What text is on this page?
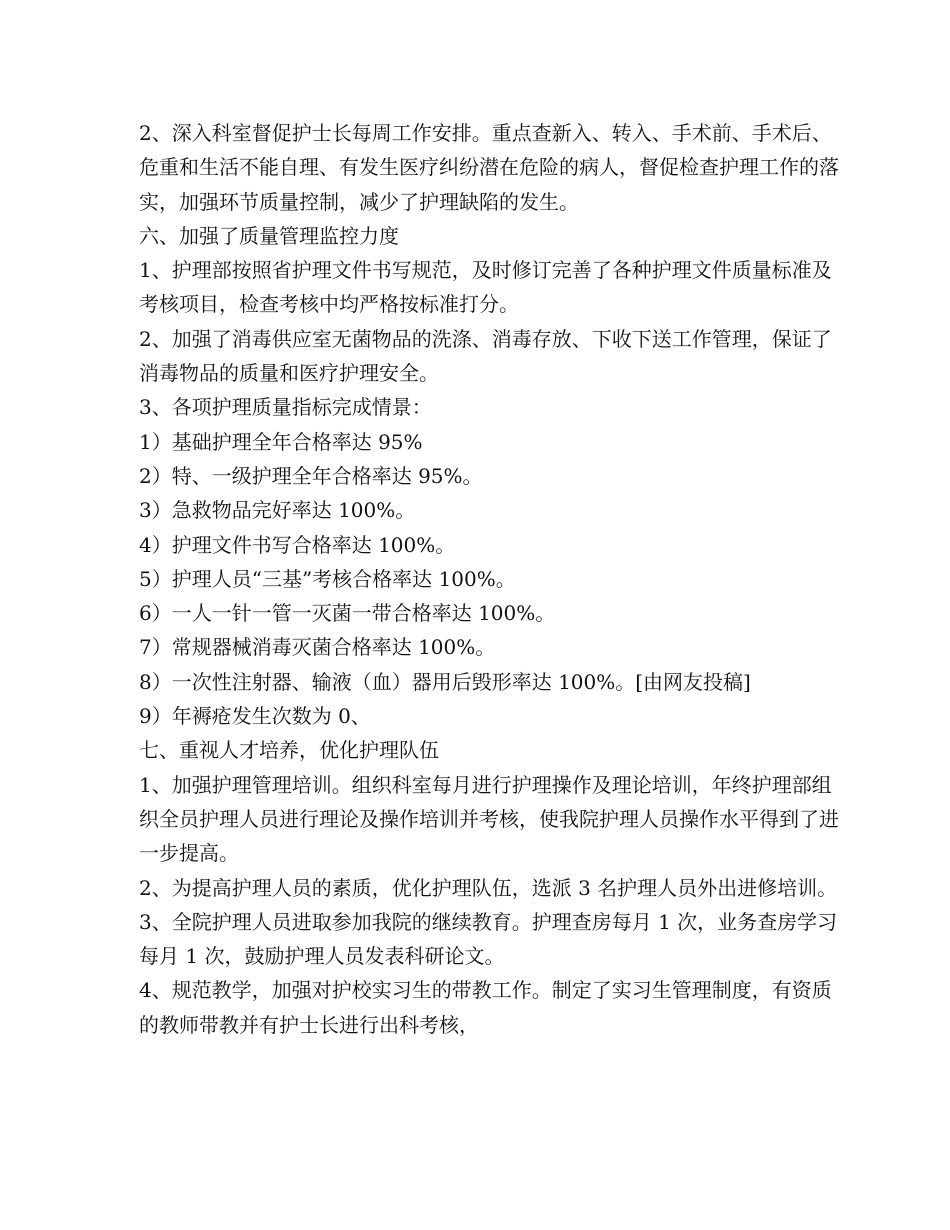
2、深入科室督促护士长每周工作安排。重点查新入、转入、手术前、手术后、危重和生活不能自理、有发生医疗纠纷潜在危险的病人，督促检查护理工作的落实，加强环节质量控制，减少了护理缺陷的发生。

六、加强了质量管理监控力度

1、护理部按照省护理文件书写规范，及时修订完善了各种护理文件质量标准及考核项目，检查考核中均严格按标准打分。

2、加强了消毒供应室无菌物品的洗涤、消毒存放、下收下送工作管理，保证了消毒物品的质量和医疗护理安全。

3、各项护理质量指标完成情景：

1）基础护理全年合格率达 95%

2）特、一级护理全年合格率达 95%。

3）急救物品完好率达 100%。

4）护理文件书写合格率达 100%。

5）护理人员“三基”考核合格率达 100%。

6）一人一针一管一灭菌一带合格率达 100%。

7）常规器械消毒灭菌合格率达 100%。

8）一次性注射器、输液（血）器用后毁形率达 100%。[由网友投稿]

9）年褥疮发生次数为 0、

七、重视人才培养，优化护理队伍

1、加强护理管理培训。组织科室每月进行护理操作及理论培训，年终护理部组织全员护理人员进行理论及操作培训并考核，使我院护理人员操作水平得到了进一步提高。

2、为提高护理人员的素质，优化护理队伍，选派 3 名护理人员外出进修培训。

3、全院护理人员进取参加我院的继续教育。护理查房每月 1 次，业务查房学习每月 1 次，鼓励护理人员发表科研论文。

4、规范教学，加强对护校实习生的带教工作。制定了实习生管理制度，有资质的教师带教并有护士长进行出科考核，
